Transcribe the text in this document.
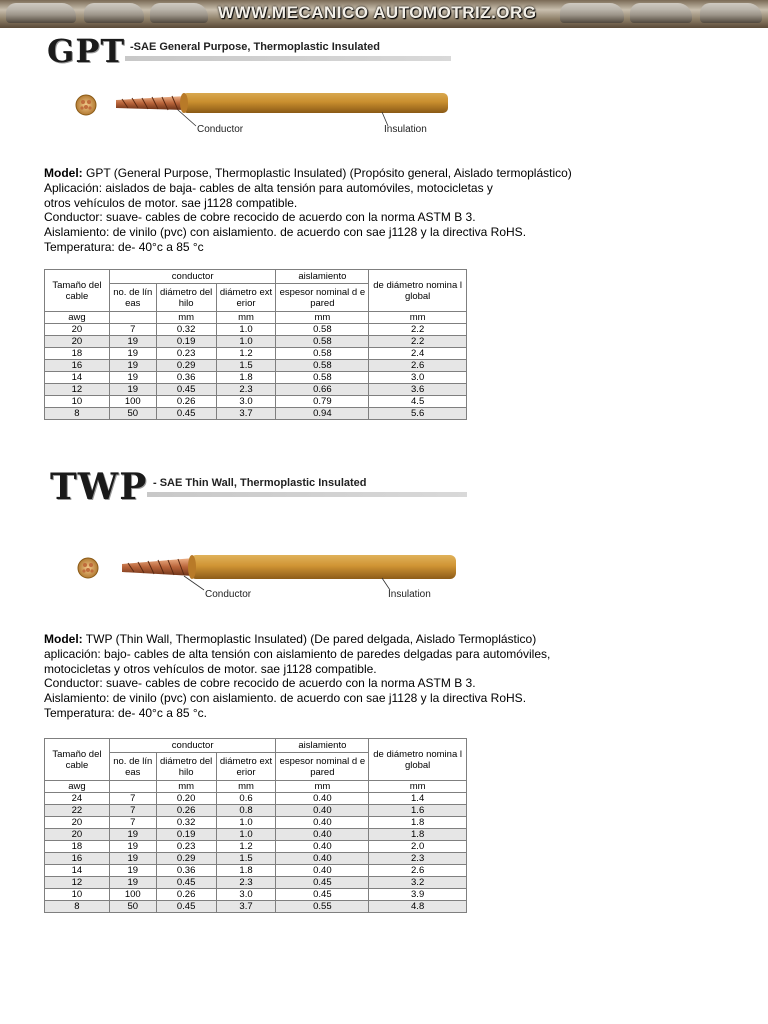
WWW.MECANICO AUTOMOTRIZ.ORG
GPT -SAE General Purpose, Thermoplastic Insulated
Conductor	Insulation
Model: GPT (General Purpose, Thermoplastic Insulated) (Propósito general, Aislado termoplástico)
Aplicación: aislados de baja- cables de alta tensión para automóviles, motocicletas y
otros vehículos de motor. sae j1128 compatible.
Conductor: suave- cables de cobre recocido de acuerdo con la norma ASTM B 3.
Aislamiento: de vinilo (pvc) con aislamiento. de acuerdo con sae j1128 y la directiva RoHS.
Temperatura: de- 40°c a 85 °c
Tamaño del cable	conductor			aislamiento	de diámetro nomina l global
	no. de lín eas	diámetro del hilo	diámetro ext erior	espesor nominal d e pared	
awg		mm	mm	mm	mm
20	7	0.32	1.0	0.58	2.2
20	19	0.19	1.0	0.58	2.2
18	19	0.23	1.2	0.58	2.4
16	19	0.29	1.5	0.58	2.6
14	19	0.36	1.8	0.58	3.0
12	19	0.45	2.3	0.66	3.6
10	100	0.26	3.0	0.79	4.5
8	50	0.45	3.7	0.94	5.6
TWP - SAE Thin Wall, Thermoplastic Insulated
Conductor	Insulation
Model: TWP (Thin Wall, Thermoplastic Insulated) (De pared delgada, Aislado Termoplástico)
aplicación: bajo- cables de alta tensión con aislamiento de paredes delgadas para automóviles,
motocicletas y otros vehículos de motor. sae j1128 compatible.
Conductor: suave- cables de cobre recocido de acuerdo con la norma ASTM B 3.
Aislamiento: de vinilo (pvc) con aislamiento. de acuerdo con sae j1128 y la directiva RoHS.
Temperatura: de- 40°c a 85 °c.
Tamaño del cable	conductor			aislamiento	de diámetro nomina l global
	no. de lín eas	diámetro del hilo	diámetro ext erior	espesor nominal d e pared	
awg		mm	mm	mm	mm
24	7	0.20	0.6	0.40	1.4
22	7	0.26	0.8	0.40	1.6
20	7	0.32	1.0	0.40	1.8
20	19	0.19	1.0	0.40	1.8
18	19	0.23	1.2	0.40	2.0
16	19	0.29	1.5	0.40	2.3
14	19	0.36	1.8	0.40	2.6
12	19	0.45	2.3	0.45	3.2
10	100	0.26	3.0	0.45	3.9
8	50	0.45	3.7	0.55	4.8
